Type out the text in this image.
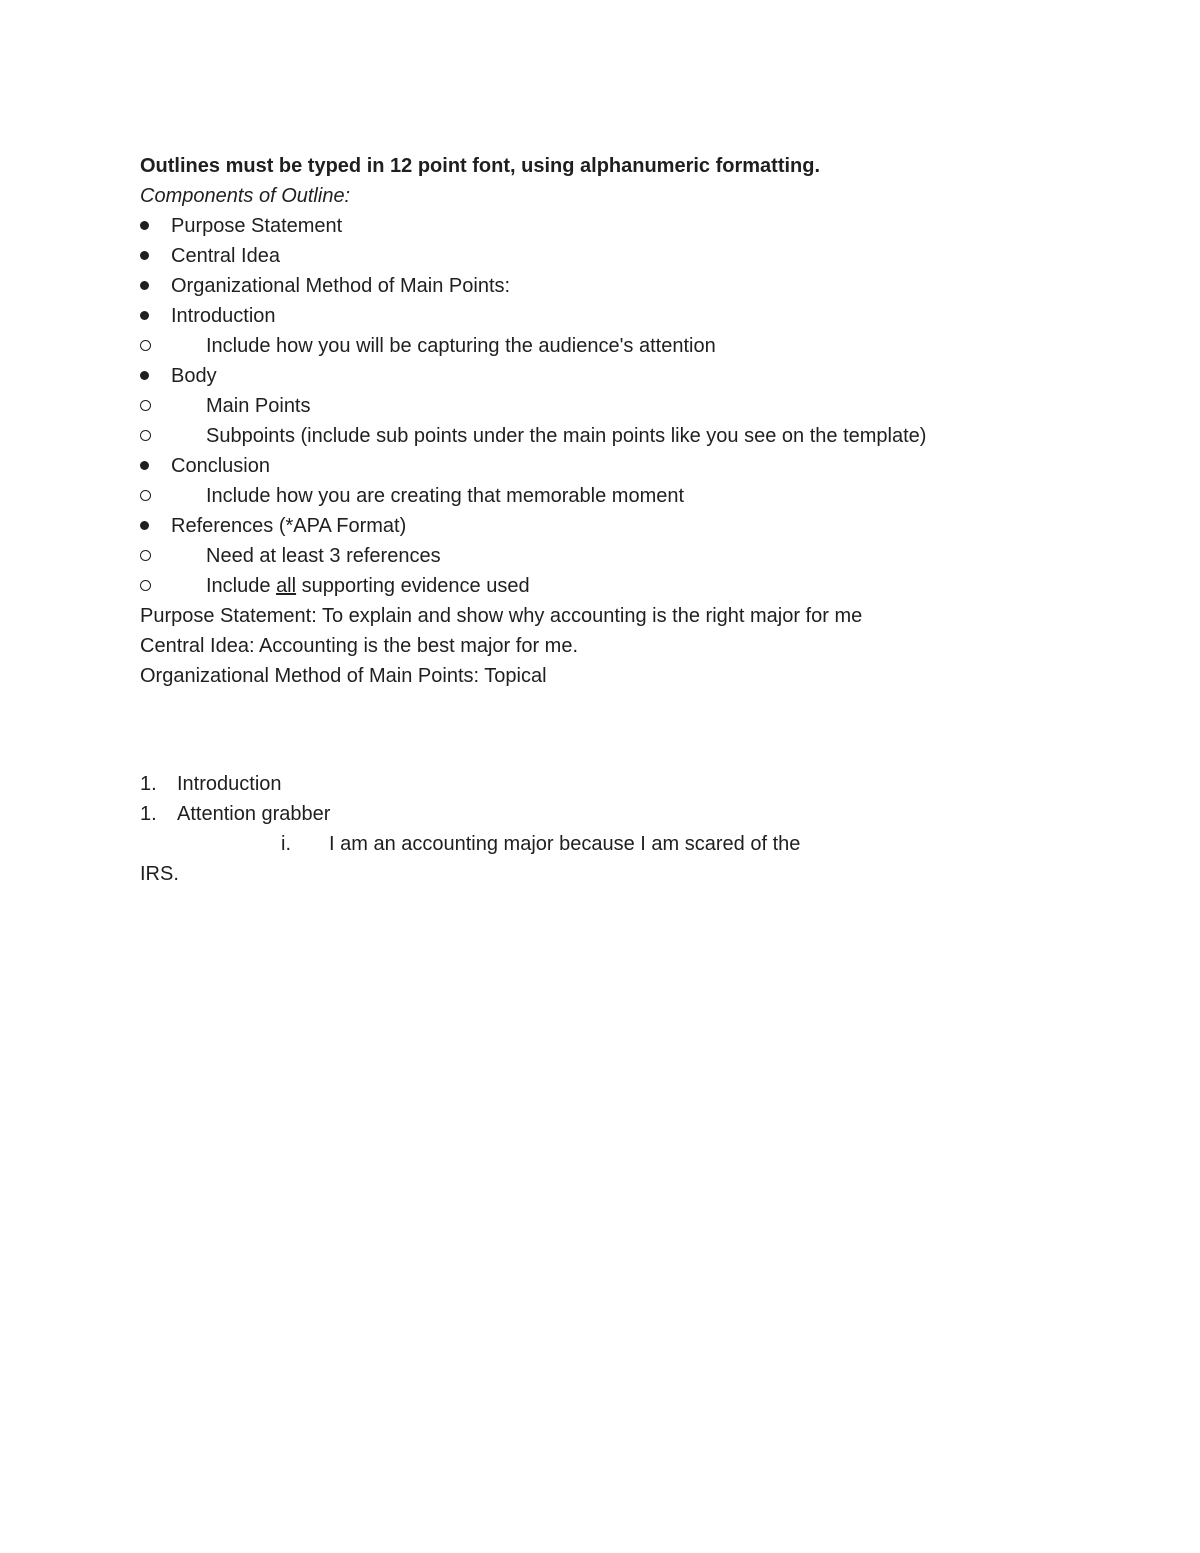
Outlines must be typed in 12 point font, using alphanumeric formatting.

Components of Outline:

Purpose Statement
Central Idea
Organizational Method of Main Points:
Introduction
Include how you will be capturing the audience's attention
Body
Main Points
Subpoints (include sub points under the main points like you see on the template)
Conclusion
Include how you are creating that memorable moment
References (*APA Format)
Need at least 3 references
Include all supporting evidence used

Purpose Statement: To explain and show why accounting is the right major for me

Central Idea: Accounting is the best major for me.

Organizational Method of Main Points: Topical

1. Introduction

1. Attention grabber

i. I am an accounting major because I am scared of the
IRS.
